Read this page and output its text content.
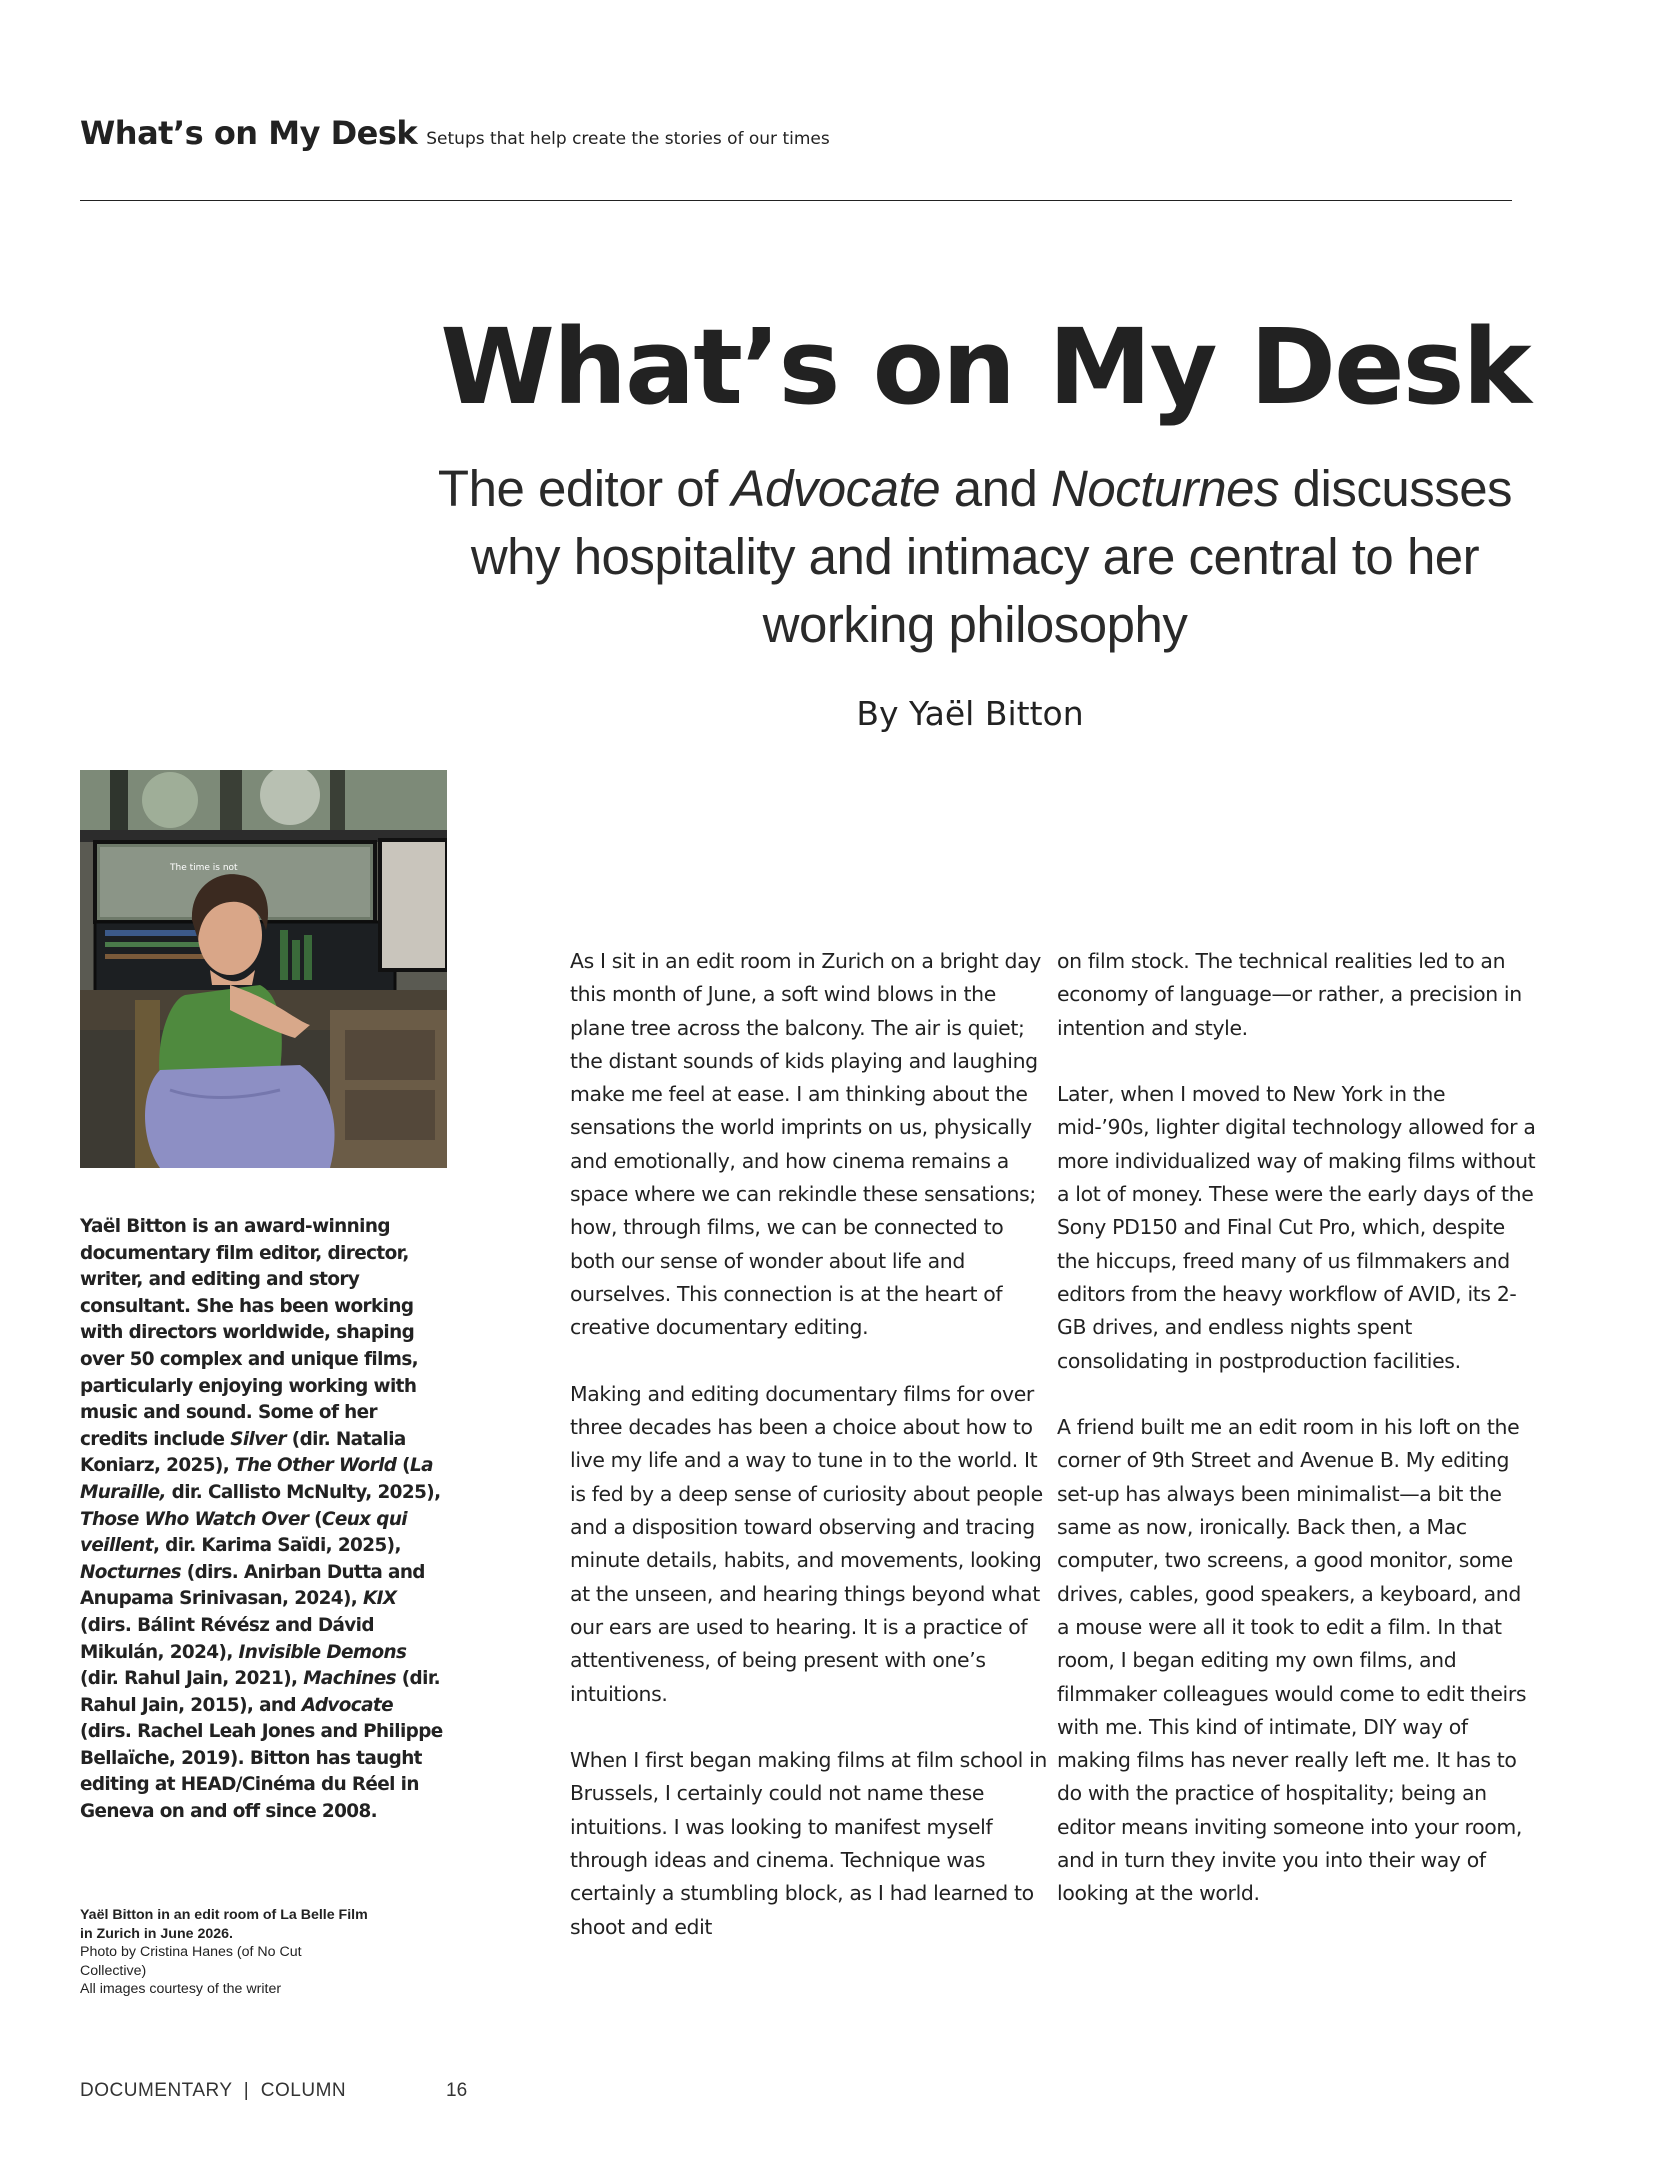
What’s on My Desk Setups that help create the stories of our times
What’s on My Desk
The editor of Advocate and Nocturnes discusses why hospitality and intimacy are central to her working philosophy
By Yaël Bitton
The time is not
Yaël Bitton is an award-winning documentary film editor, director, writer, and editing and story consultant. She has been working with directors worldwide, shaping over 50 complex and unique films, particularly enjoying working with music and sound. Some of her credits include Silver (dir. Natalia Koniarz, 2025), The Other World (La Muraille, dir. Callisto McNulty, 2025), Those Who Watch Over (Ceux qui veillent, dir. Karima Saïdi, 2025), Nocturnes (dirs. Anirban Dutta and Anupama Srinivasan, 2024), KIX (dirs. Bálint Révész and Dávid Mikulán, 2024), Invisible Demons (dir. Rahul Jain, 2021), Machines (dir. Rahul Jain, 2015), and Advocate (dirs. Rachel Leah Jones and Philippe Bellaïche, 2019). Bitton has taught editing at HEAD/Cinéma du Réel in Geneva on and off since 2008.
Yaël Bitton in an edit room of La Belle Film in Zurich in June 2026.
Photo by Cristina Hanes (of No Cut Collective)
All images courtesy of the writer

As I sit in an edit room in Zurich on a bright day this month of June, a soft wind blows in the plane tree across the balcony. The air is quiet; the distant sounds of kids playing and laughing make me feel at ease. I am thinking about the sensations the world imprints on us, physically and emotionally, and how cinema remains a space where we can rekindle these sensations; how, through films, we can be connected to both our sense of wonder about life and ourselves. This connection is at the heart of creative documentary editing.

Making and editing documentary films for over three decades has been a choice about how to live my life and a way to tune in to the world. It is fed by a deep sense of curiosity about people and a disposition toward observing and tracing minute details, habits, and movements, looking at the unseen, and hearing things beyond what our ears are used to hearing. It is a practice of attentiveness, of being present with one’s intuitions.

When I first began making films at film school in Brussels, I certainly could not name these intuitions. I was looking to manifest myself through ideas and cinema. Technique was certainly a stumbling block, as I had learned to shoot and edit

on film stock. The technical realities led to an economy of language—or rather, a precision in intention and style.

Later, when I moved to New York in the mid-’90s, lighter digital technology allowed for a more individualized way of making films without a lot of money. These were the early days of the Sony PD150 and Final Cut Pro, which, despite the hiccups, freed many of us filmmakers and editors from the heavy workflow of AVID, its 2-GB drives, and endless nights spent consolidating in postproduction facilities.

A friend built me an edit room in his loft on the corner of 9th Street and Avenue B. My editing set-up has always been minimalist—a bit the same as now, ironically. Back then, a Mac computer, two screens, a good monitor, some drives, cables, good speakers, a keyboard, and a mouse were all it took to edit a film. In that room, I began editing my own films, and filmmaker colleagues would come to edit theirs with me. This kind of intimate, DIY way of making films has never really left me. It has to do with the practice of hospitality; being an editor means inviting someone into your room, and in turn they invite you into their way of looking at the world.

DOCUMENTARY  |  COLUMN	16
